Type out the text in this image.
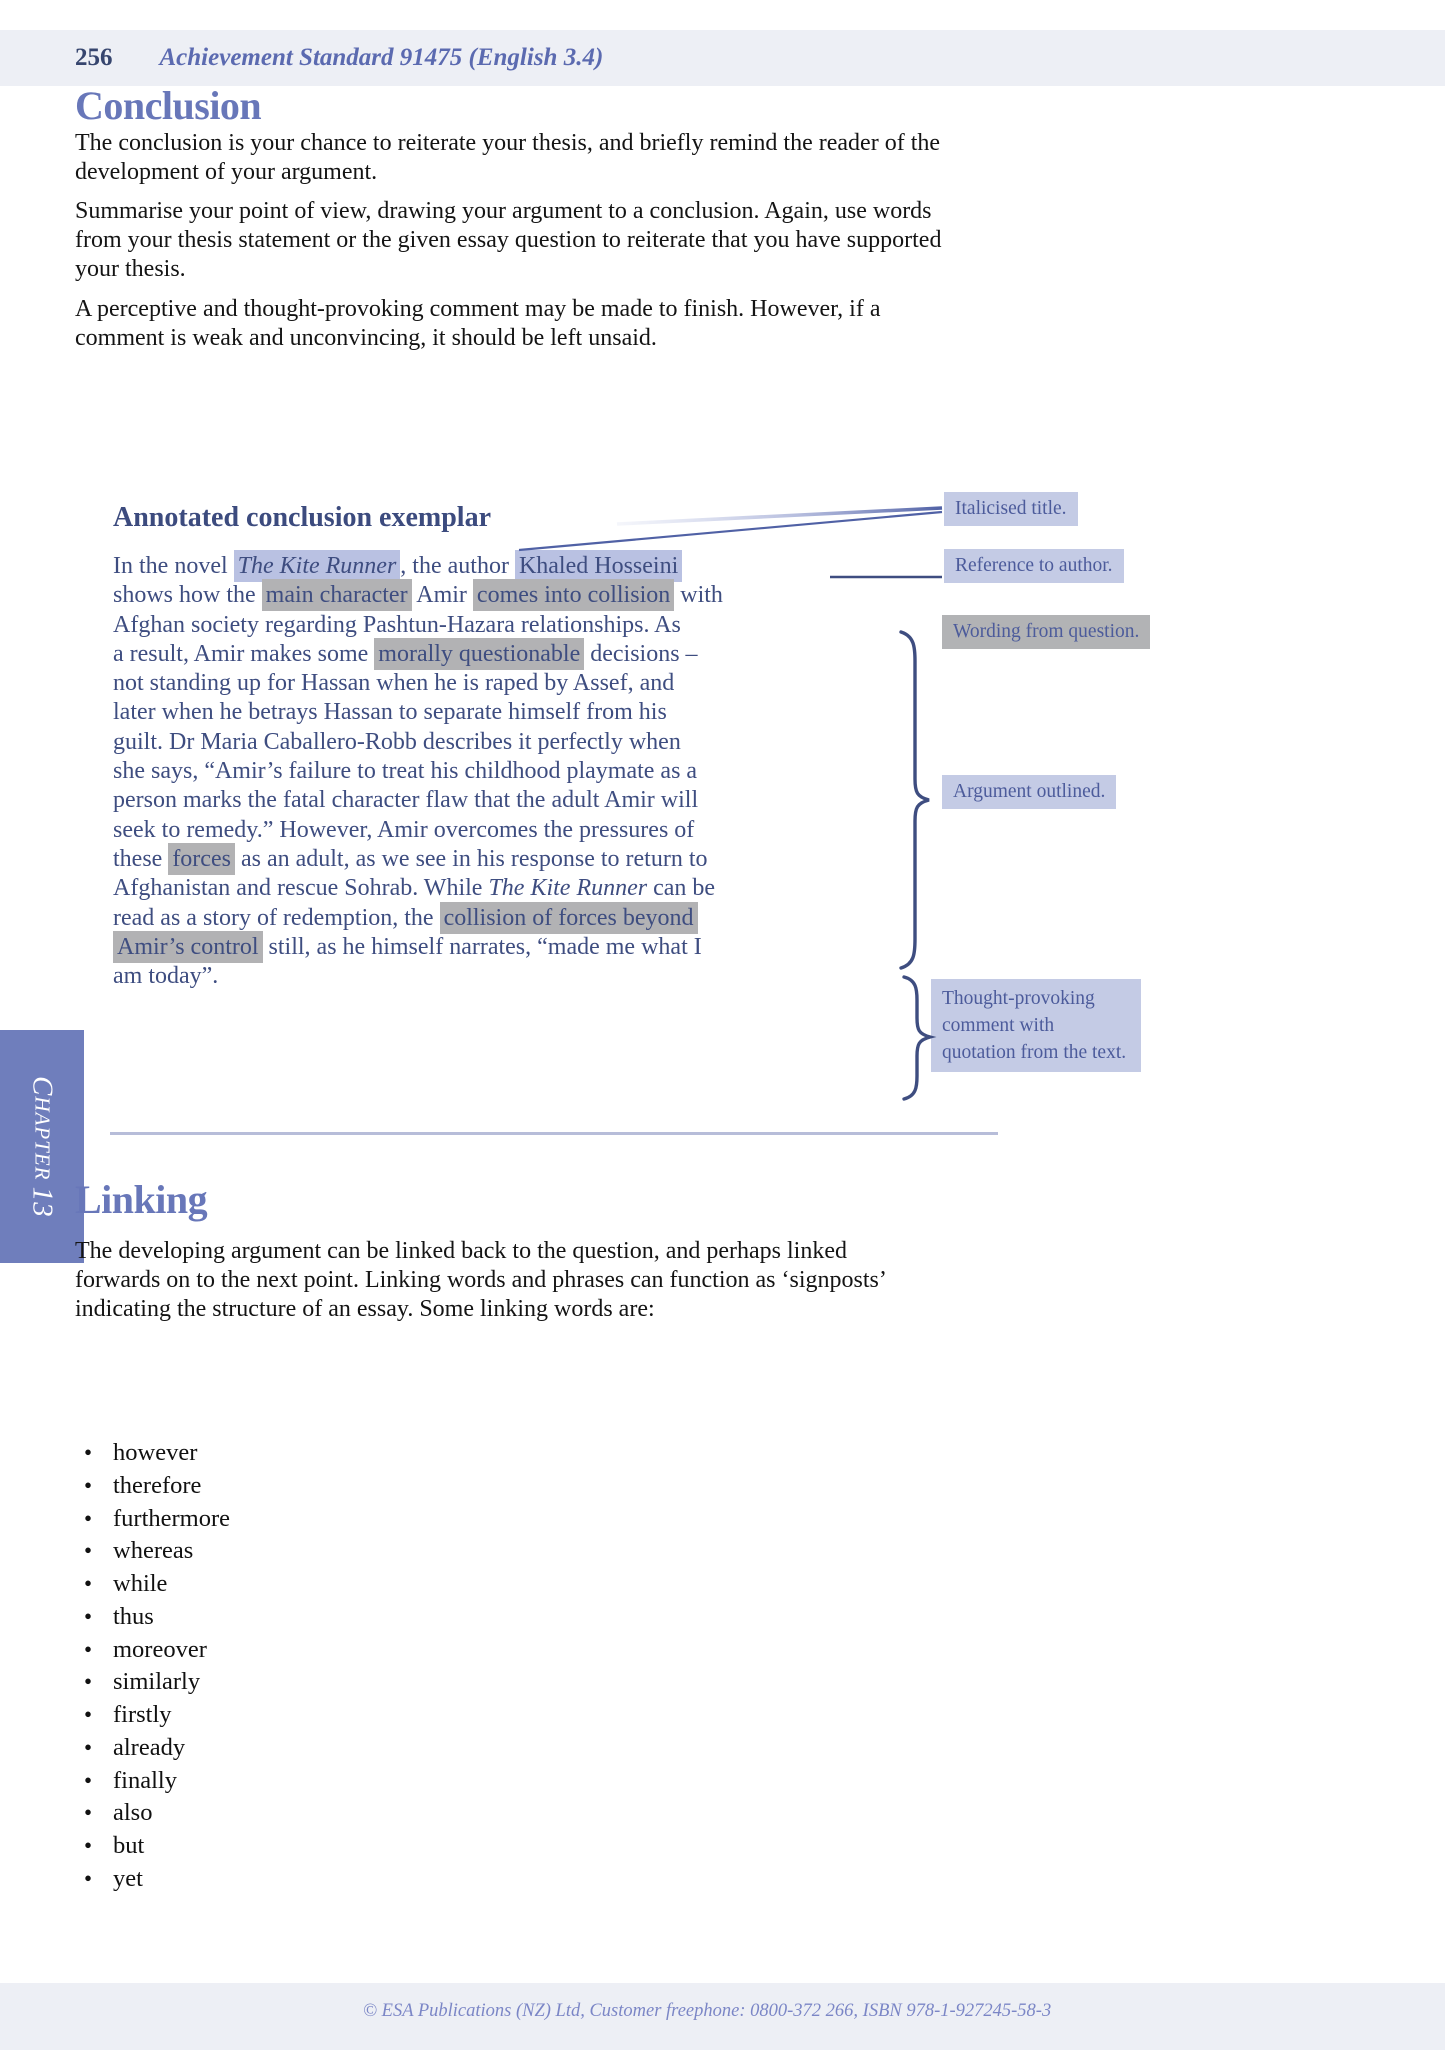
256 Achievement Standard 91475 (English 3.4)
Conclusion
The conclusion is your chance to reiterate your thesis, and briefly remind the reader of the
development of your argument.
Summarise your point of view, drawing your argument to a conclusion. Again, use words
from your thesis statement or the given essay question to reiterate that you have supported
your thesis.
A perceptive and thought-provoking comment may be made to finish. However, if a
comment is weak and unconvincing, it should be left unsaid.
Annotated conclusion exemplar
In the novel The Kite Runner , the author Khaled Hosseini
shows how the main character Amir comes into collision with
Afghan society regarding Pashtun-Hazara relationships. As
a result, Amir makes some morally questionable decisions –
not standing up for Hassan when he is raped by Assef, and
later when he betrays Hassan to separate himself from his
guilt. Dr Maria Caballero-Robb describes it perfectly when
she says, “Amir’s failure to treat his childhood playmate as a
person marks the fatal character flaw that the adult Amir will
seek to remedy.” However, Amir overcomes the pressures of
these forces as an adult, as we see in his response to return to
Afghanistan and rescue Sohrab. While The Kite Runner can be
read as a story of redemption, the collision of forces beyond
Amir’s control still, as he himself narrates, “made me what I
am today”.
Italicised title.
Reference to author.
Wording from question.
Argument outlined.
Thought-provoking comment with quotation from the text.
CHAPTER 13 Linking
The developing argument can be linked back to the question, and perhaps linked
forwards on to the next point. Linking words and phrases can function as ‘signposts’
indicating the structure of an essay. Some linking words are:
• however
• therefore
• furthermore
• whereas
• while
• thus
• moreover
• similarly
• firstly
• already
• finally
• also
• but
• yet
© ESA Publications (NZ) Ltd, Customer freephone: 0800-372 266, ISBN 978-1-927245-58-3
